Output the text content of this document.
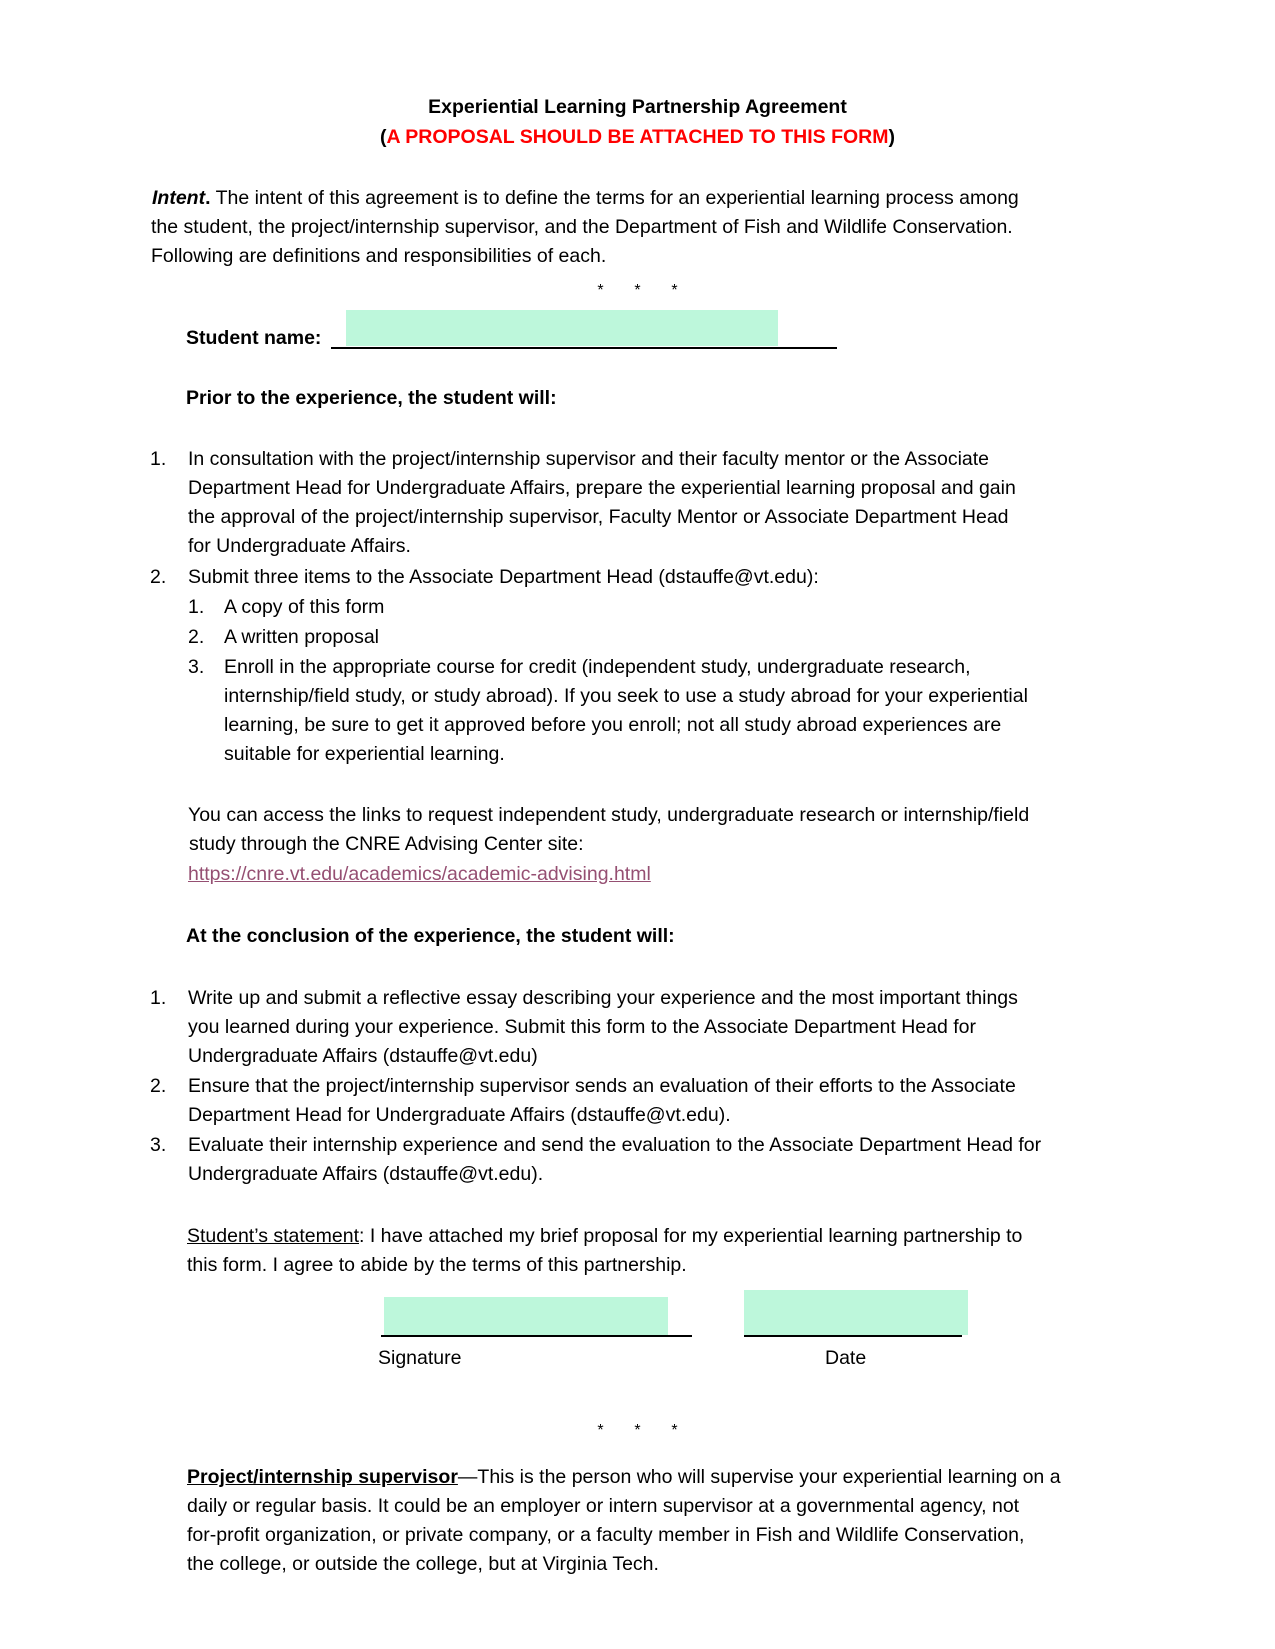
Experiential Learning Partnership Agreement
(A PROPOSAL SHOULD BE ATTACHED TO THIS FORM)
Intent. The intent of this agreement is to define the terms for an experiential learning process among
the student, the project/internship supervisor, and the Department of Fish and Wildlife Conservation.
Following are definitions and responsibilities of each.
* * *
Student name:
Prior to the experience, the student will:
1. In consultation with the project/internship supervisor and their faculty mentor or the Associate
Department Head for Undergraduate Affairs, prepare the experiential learning proposal and gain
the approval of the project/internship supervisor, Faculty Mentor or Associate Department Head
for Undergraduate Affairs.
2. Submit three items to the Associate Department Head (dstauffe@vt.edu):
1. A copy of this form
2. A written proposal
3. Enroll in the appropriate course for credit (independent study, undergraduate research,
internship/field study, or study abroad). If you seek to use a study abroad for your experiential
learning, be sure to get it approved before you enroll; not all study abroad experiences are
suitable for experiential learning.
You can access the links to request independent study, undergraduate research or internship/field
study through the CNRE Advising Center site:
https://cnre.vt.edu/academics/academic-advising.html
At the conclusion of the experience, the student will:
1. Write up and submit a reflective essay describing your experience and the most important things
you learned during your experience. Submit this form to the Associate Department Head for
Undergraduate Affairs (dstauffe@vt.edu)
2. Ensure that the project/internship supervisor sends an evaluation of their efforts to the Associate
Department Head for Undergraduate Affairs (dstauffe@vt.edu).
3. Evaluate their internship experience and send the evaluation to the Associate Department Head for
Undergraduate Affairs (dstauffe@vt.edu).
Student’s statement: I have attached my brief proposal for my experiential learning partnership to
this form. I agree to abide by the terms of this partnership.
Signature	Date
* * *
Project/internship supervisor—This is the person who will supervise your experiential learning on a
daily or regular basis. It could be an employer or intern supervisor at a governmental agency, not
for-profit organization, or private company, or a faculty member in Fish and Wildlife Conservation,
the college, or outside the college, but at Virginia Tech.
